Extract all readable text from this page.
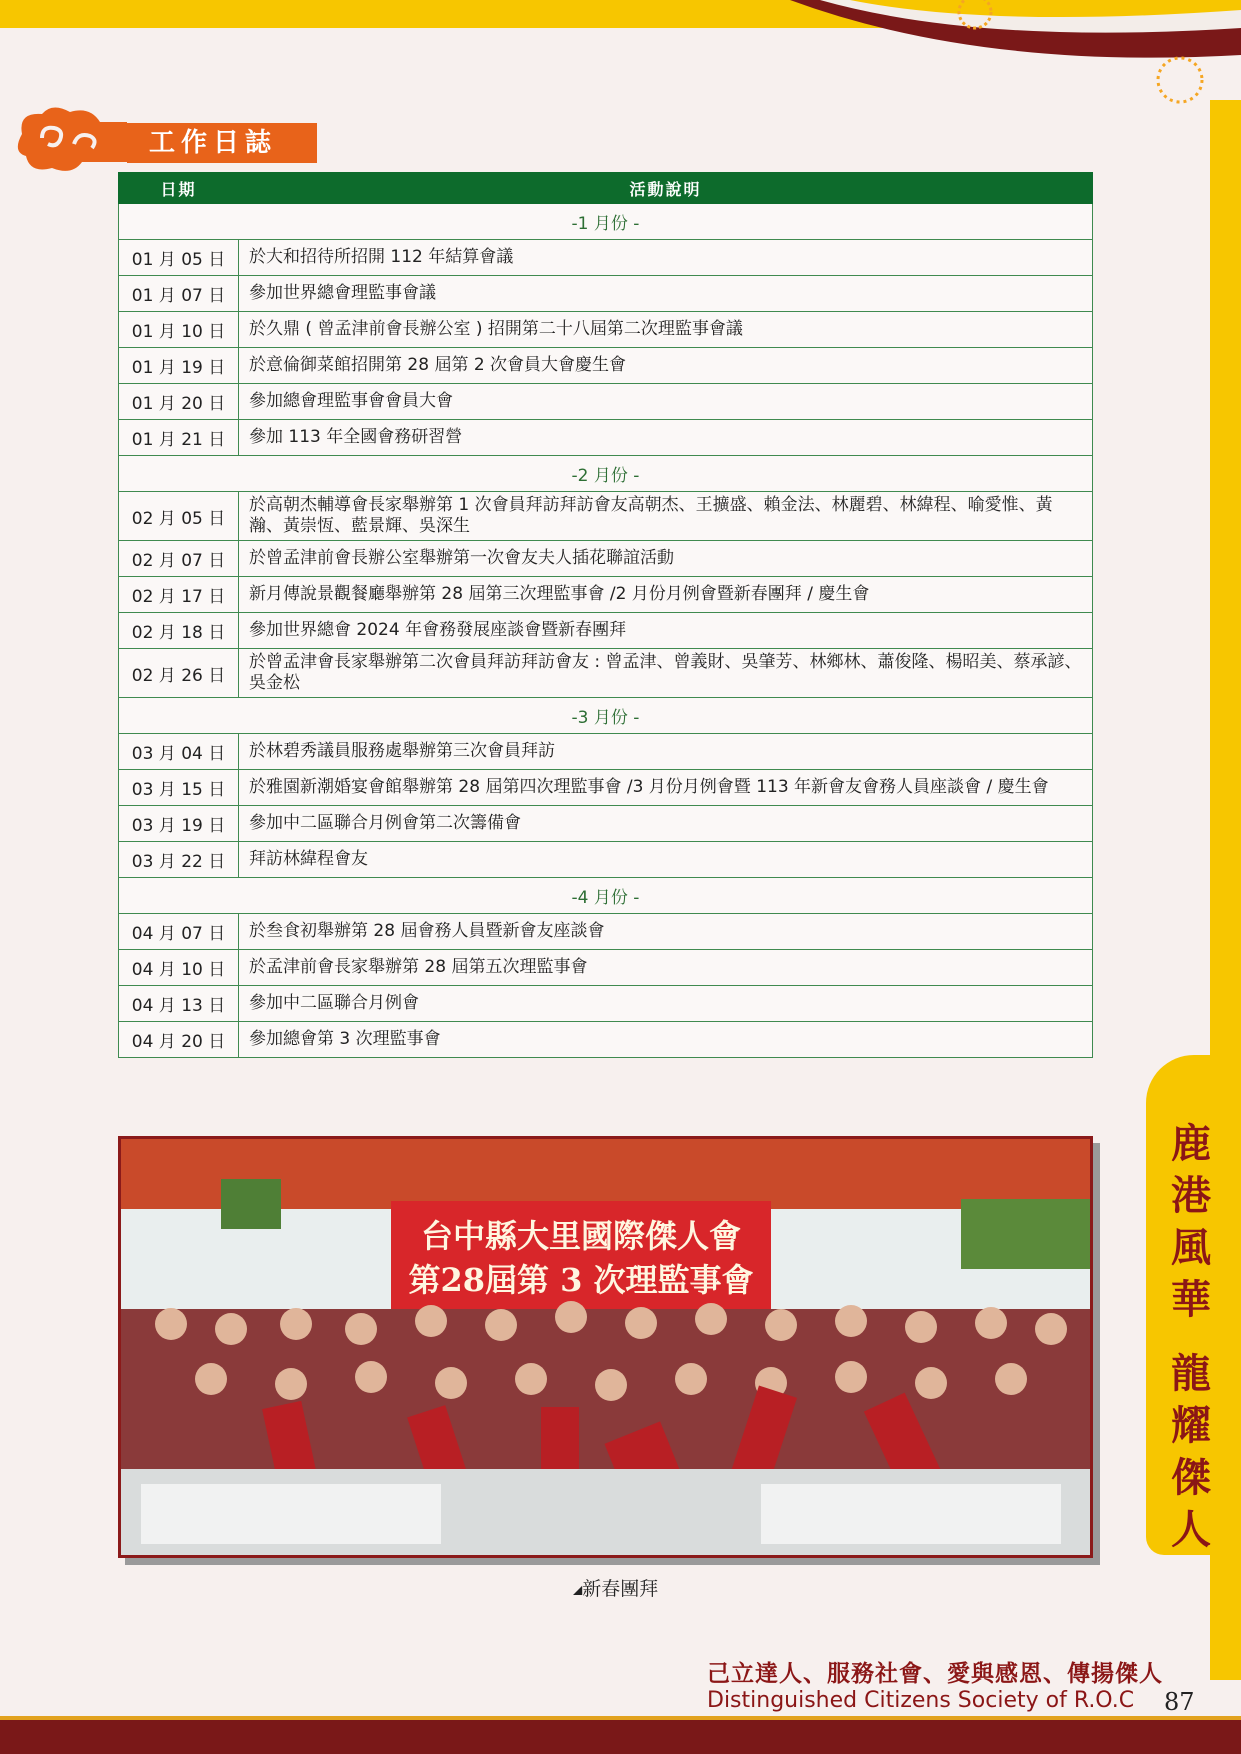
鹿港風華
龍耀傑人
工作日誌
日期	活動說明
-1 月份 -	
01 月 05 日	於大和招待所招開 112 年結算會議
01 月 07 日	參加世界總會理監事會議
01 月 10 日	於久鼎 ( 曾孟津前會長辦公室 ) 招開第二十八屆第二次理監事會議
01 月 19 日	於意倫御菜館招開第 28 屆第 2 次會員大會慶生會
01 月 20 日	參加總會理監事會會員大會
01 月 21 日	參加 113 年全國會務研習營
-2 月份 -	
02 月 05 日	於高朝杰輔導會長家舉辦第 1 次會員拜訪拜訪會友高朝杰、王擴盛、賴金法、林麗碧、林緯程、喻愛惟、黃瀚、黃崇恆、藍景輝、吳深生
02 月 07 日	於曾孟津前會長辦公室舉辦第一次會友夫人插花聯誼活動
02 月 17 日	新月傳說景觀餐廳舉辦第 28 屆第三次理監事會 /2 月份月例會暨新春團拜 / 慶生會
02 月 18 日	參加世界總會 2024 年會務發展座談會暨新春團拜
02 月 26 日	於曾孟津會長家舉辦第二次會員拜訪拜訪會友 : 曾孟津、曾義財、吳肇芳、林鄉林、蕭俊隆、楊昭美、蔡承諺、吳金松
-3 月份 -	
03 月 04 日	於林碧秀議員服務處舉辦第三次會員拜訪
03 月 15 日	於雅園新潮婚宴會館舉辦第 28 屆第四次理監事會 /3 月份月例會暨 113 年新會友會務人員座談會 / 慶生會
03 月 19 日	參加中二區聯合月例會第二次籌備會
03 月 22 日	拜訪林緯程會友
-4 月份 -	
04 月 07 日	於叁食初舉辦第 28 屆會務人員暨新會友座談會
04 月 10 日	於孟津前會長家舉辦第 28 屆第五次理監事會
04 月 13 日	參加中二區聯合月例會
04 月 20 日	參加總會第 3 次理監事會
台中縣大里國際傑人會
第28屆第 3 次理監事會
◢新春團拜
己立達人、服務社會、愛與感恩、傳揚傑人
Distinguished Citizens Society of R.O.C 87
